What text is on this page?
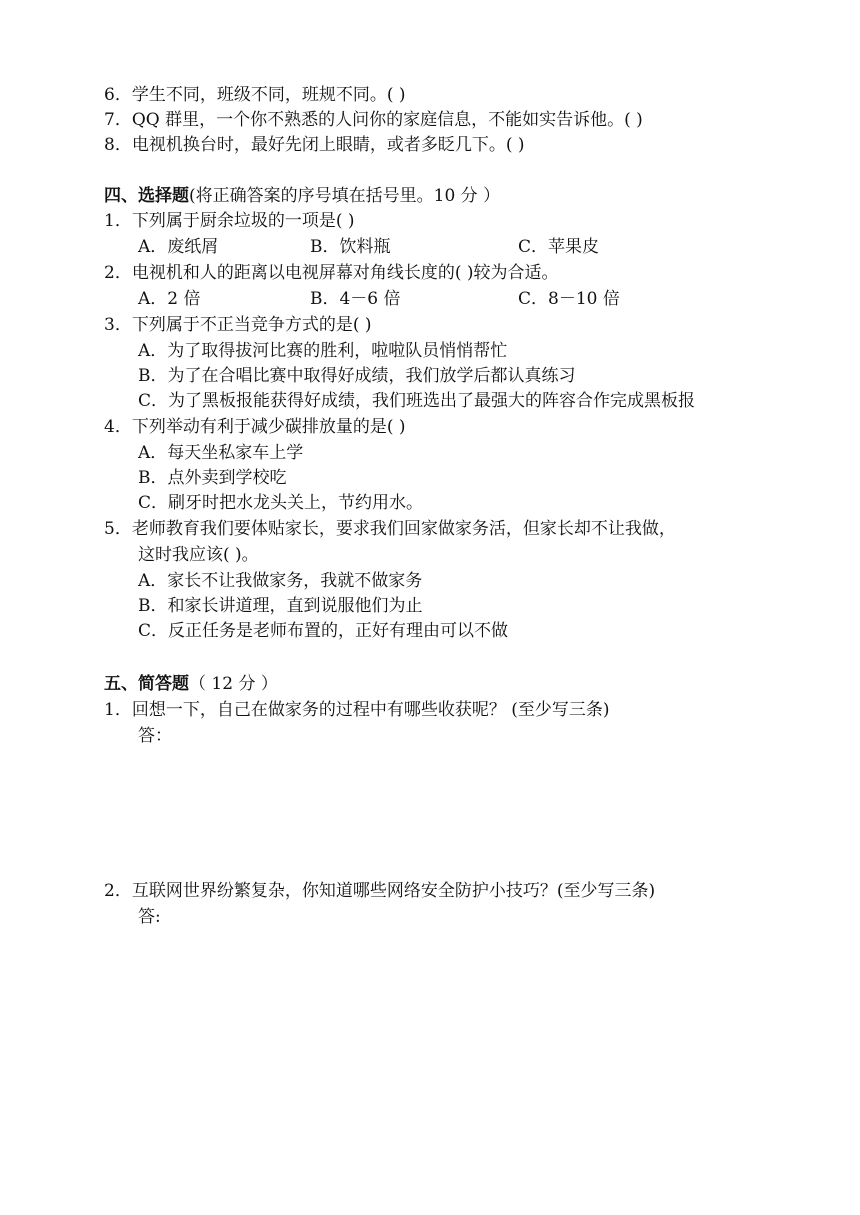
6．学生不同，班级不同，班规不同。( )
7．QQ 群里，一个你不熟悉的人问你的家庭信息，不能如实告诉他。( )
8．电视机换台时，最好先闭上眼睛，或者多眨几下。( )
四、选择题(将正确答案的序号填在括号里。10 分 ）
1．下列属于厨余垃圾的一项是( )
A．废纸屑	B．饮料瓶	C．苹果皮
2．电视机和人的距离以电视屏幕对角线长度的( )较为合适。
A．2 倍	B．4－6 倍	C．8－10 倍
3．下列属于不正当竞争方式的是( )
A．为了取得拔河比赛的胜利，啦啦队员悄悄帮忙
B．为了在合唱比赛中取得好成绩，我们放学后都认真练习
C．为了黑板报能获得好成绩，我们班选出了最强大的阵容合作完成黑板报
4．下列举动有利于减少碳排放量的是( )
A．每天坐私家车上学
B．点外卖到学校吃
C．刷牙时把水龙头关上，节约用水。
5．老师教育我们要体贴家长，要求我们回家做家务活，但家长却不让我做，
这时我应该( )。
A．家长不让我做家务，我就不做家务
B．和家长讲道理，直到说服他们为止
C．反正任务是老师布置的，正好有理由可以不做
五、简答题（ 12 分 ）
1．回想一下，自己在做家务的过程中有哪些收获呢？ (至少写三条)
答：
2．互联网世界纷繁复杂，你知道哪些网络安全防护小技巧？(至少写三条)
答:
